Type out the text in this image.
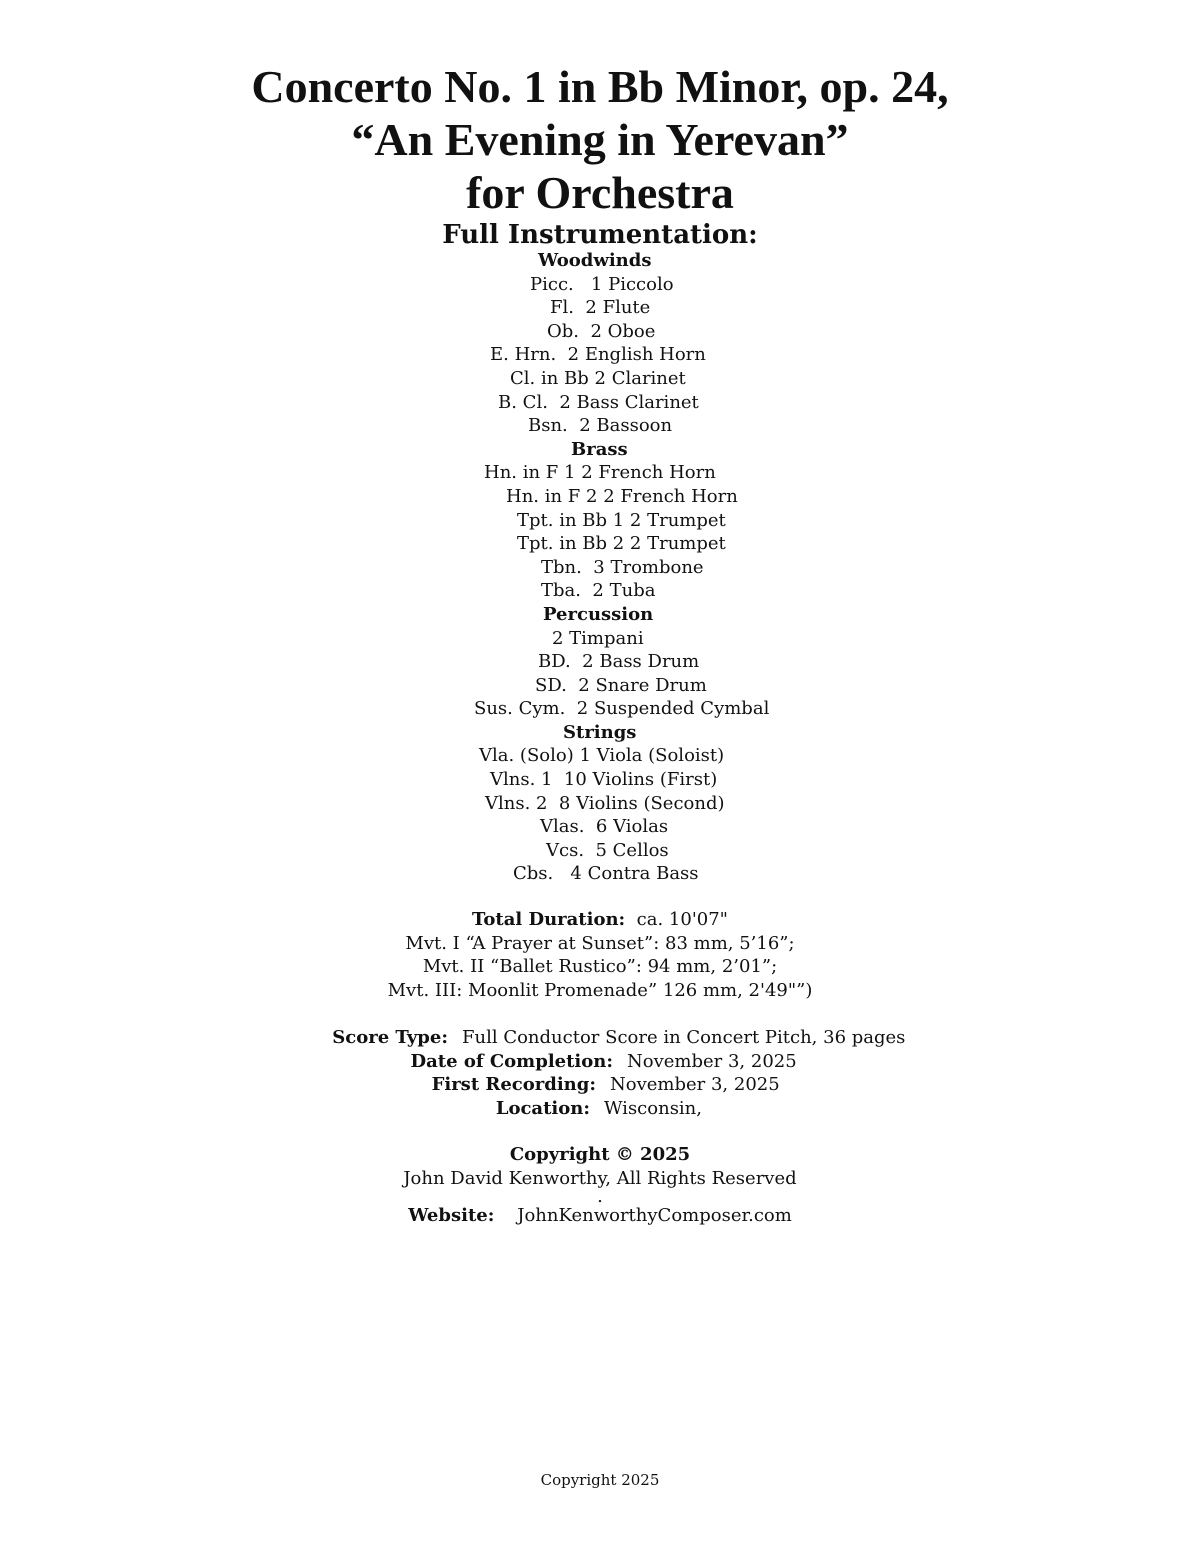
Concerto No. 1 in Bb Minor, op. 24,
“An Evening in Yerevan”
for Orchestra
Full Instrumentation:
Woodwinds
Picc.   1 Piccolo
Fl.  2 Flute
Ob.  2 Oboe
E. Hrn.  2 English Horn
Cl. in Bb 2 Clarinet
B. Cl.  2 Bass Clarinet
Bsn.  2 Bassoon
Brass
Hn. in F 1 2 French Horn
Hn. in F 2 2 French Horn
Tpt. in Bb 1 2 Trumpet
Tpt. in Bb 2 2 Trumpet
Tbn.  3 Trombone
Tba.  2 Tuba
Percussion
2 Timpani
BD.  2 Bass Drum
SD.  2 Snare Drum
Sus. Cym.  2 Suspended Cymbal
Strings
Vla. (Solo) 1 Viola (Soloist)
Vlns. 1  10 Violins (First)
Vlns. 2  8 Violins (Second)
Vlas.  6 Violas
Vcs.  5 Cellos
Cbs.   4 Contra Bass
Total Duration: ca. 10'07"
Mvt. I “A Prayer at Sunset”: 83 mm, 5’16”;
Mvt. II “Ballet Rustico”: 94 mm, 2’01”;
Mvt. III: Moonlit Promenade” 126 mm, 2'49"”)
Score Type: Full Conductor Score in Concert Pitch, 36 pages
Date of Completion: November 3, 2025
First Recording: November 3, 2025
Location: Wisconsin,
Copyright © 2025
John David Kenworthy, All Rights Reserved
.
Website: JohnKenworthyComposer.com
Copyright 2025
